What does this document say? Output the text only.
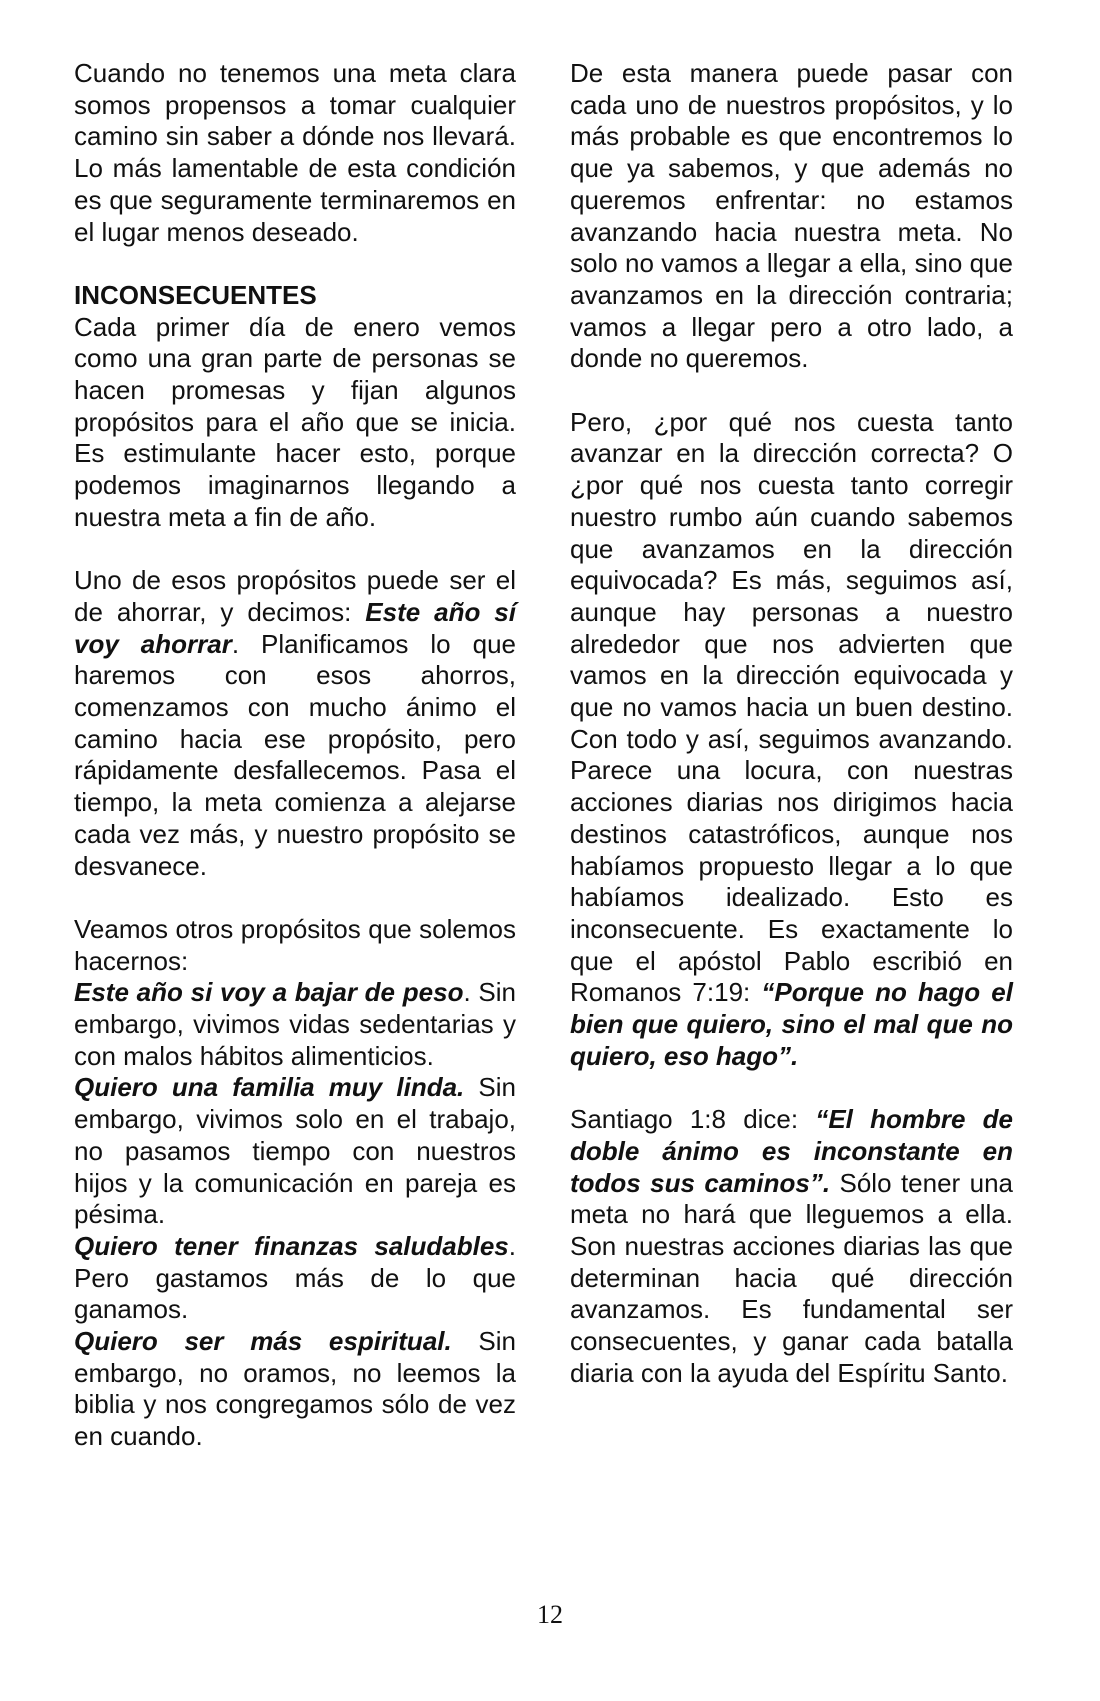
Cuando no tenemos una meta clara somos propensos a tomar cualquier camino sin saber a dónde nos llevará. Lo más lamentable de esta condición es que seguramente terminaremos en el lugar menos deseado.

INCONSECUENTES

Cada primer día de enero vemos como una gran parte de personas se hacen promesas y fijan algunos propósitos para el año que se inicia. Es estimulante hacer esto, porque podemos imaginarnos llegando a nuestra meta a fin de año.

Uno de esos propósitos puede ser el de ahorrar, y decimos: Este año sí voy ahorrar. Planificamos lo que haremos con esos ahorros, comenzamos con mucho ánimo el camino hacia ese propósito, pero rápidamente desfallecemos. Pasa el tiempo, la meta comienza a alejarse cada vez más, y nuestro propósito se desvanece.

Veamos otros propósitos que solemos hacernos:

Este año si voy a bajar de peso. Sin embargo, vivimos vidas sedentarias y con malos hábitos alimenticios.

Quiero una familia muy linda. Sin embargo, vivimos solo en el trabajo, no pasamos tiempo con nuestros hijos y la comunicación en pareja es pésima.

Quiero tener finanzas saludables. Pero gastamos más de lo que ganamos.

Quiero ser más espiritual. Sin embargo, no oramos, no leemos la biblia y nos congregamos sólo de vez en cuando.

De esta manera puede pasar con cada uno de nuestros propósitos, y lo más probable es que encontremos lo que ya sabemos, y que además no queremos enfrentar: no estamos avanzando hacia nuestra meta. No solo no vamos a llegar a ella, sino que avanzamos en la dirección contraria; vamos a llegar pero a otro lado, a donde no queremos.

Pero, ¿por qué nos cuesta tanto avanzar en la dirección correcta? O ¿por qué nos cuesta tanto corregir nuestro rumbo aún cuando sabemos que avanzamos en la dirección equivocada? Es más, seguimos así, aunque hay personas a nuestro alrededor que nos advierten que vamos en la dirección equivocada y que no vamos hacia un buen destino. Con todo y así, seguimos avanzando. Parece una locura, con nuestras acciones diarias nos dirigimos hacia destinos catastróficos, aunque nos habíamos propuesto llegar a lo que habíamos idealizado. Esto es inconsecuente. Es exactamente lo que el apóstol Pablo escribió en Romanos 7:19: “Porque no hago el bien que quiero, sino el mal que no quiero, eso hago”.

Santiago 1:8 dice: “El hombre de doble ánimo es inconstante en todos sus caminos”. Sólo tener una meta no hará que lleguemos a ella. Son nuestras acciones diarias las que determinan hacia qué dirección avanzamos. Es fundamental ser consecuentes, y ganar cada batalla diaria con la ayuda del Espíritu Santo.

12
